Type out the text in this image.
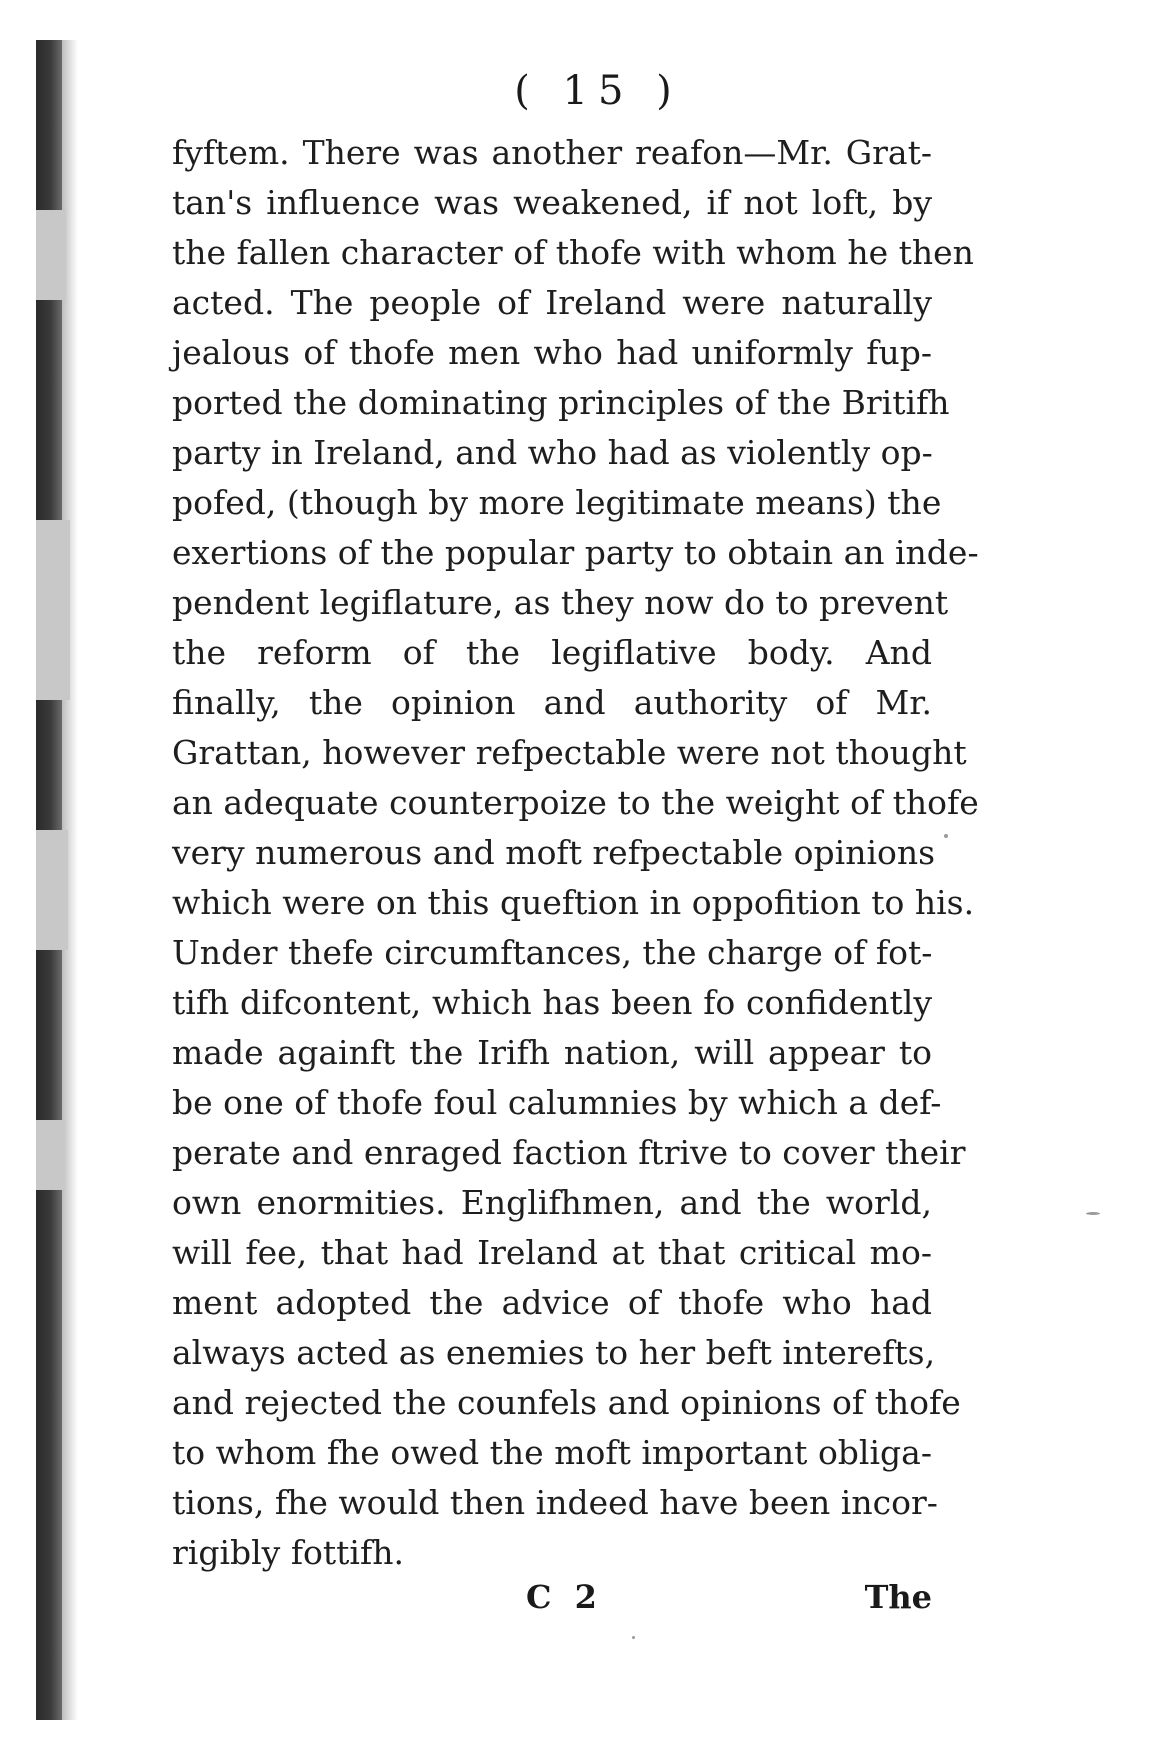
( 15 )
fyftem. There was another reafon—Mr. Grat-
tan's influence was weakened, if not loft, by
the fallen character of thofe with whom he then
acted. The people of Ireland were naturally
jealous of thofe men who had uniformly fup-
ported the dominating principles of the Britifh
party in Ireland, and who had as violently op-
pofed, (though by more legitimate means) the
exertions of the popular party to obtain an inde-
pendent legiflature, as they now do to prevent
the reform of the legiflative body. And
finally, the opinion and authority of Mr.
Grattan, however refpectable were not thought
an adequate counterpoize to the weight of thofe
very numerous and moft refpectable opinions
which were on this queftion in oppofition to his.
Under thefe circumftances, the charge of fot-
tifh difcontent, which has been fo confidently
made againft the Irifh nation, will appear to
be one of thofe foul calumnies by which a def-
perate and enraged faction ftrive to cover their
own enormities. Englifhmen, and the world,
will fee, that had Ireland at that critical mo-
ment adopted the advice of thofe who had
always acted as enemies to her beft interefts,
and rejected the counfels and opinions of thofe
to whom fhe owed the moft important obliga-
tions, fhe would then indeed have been incor-
rigibly fottifh.
C 2	The
